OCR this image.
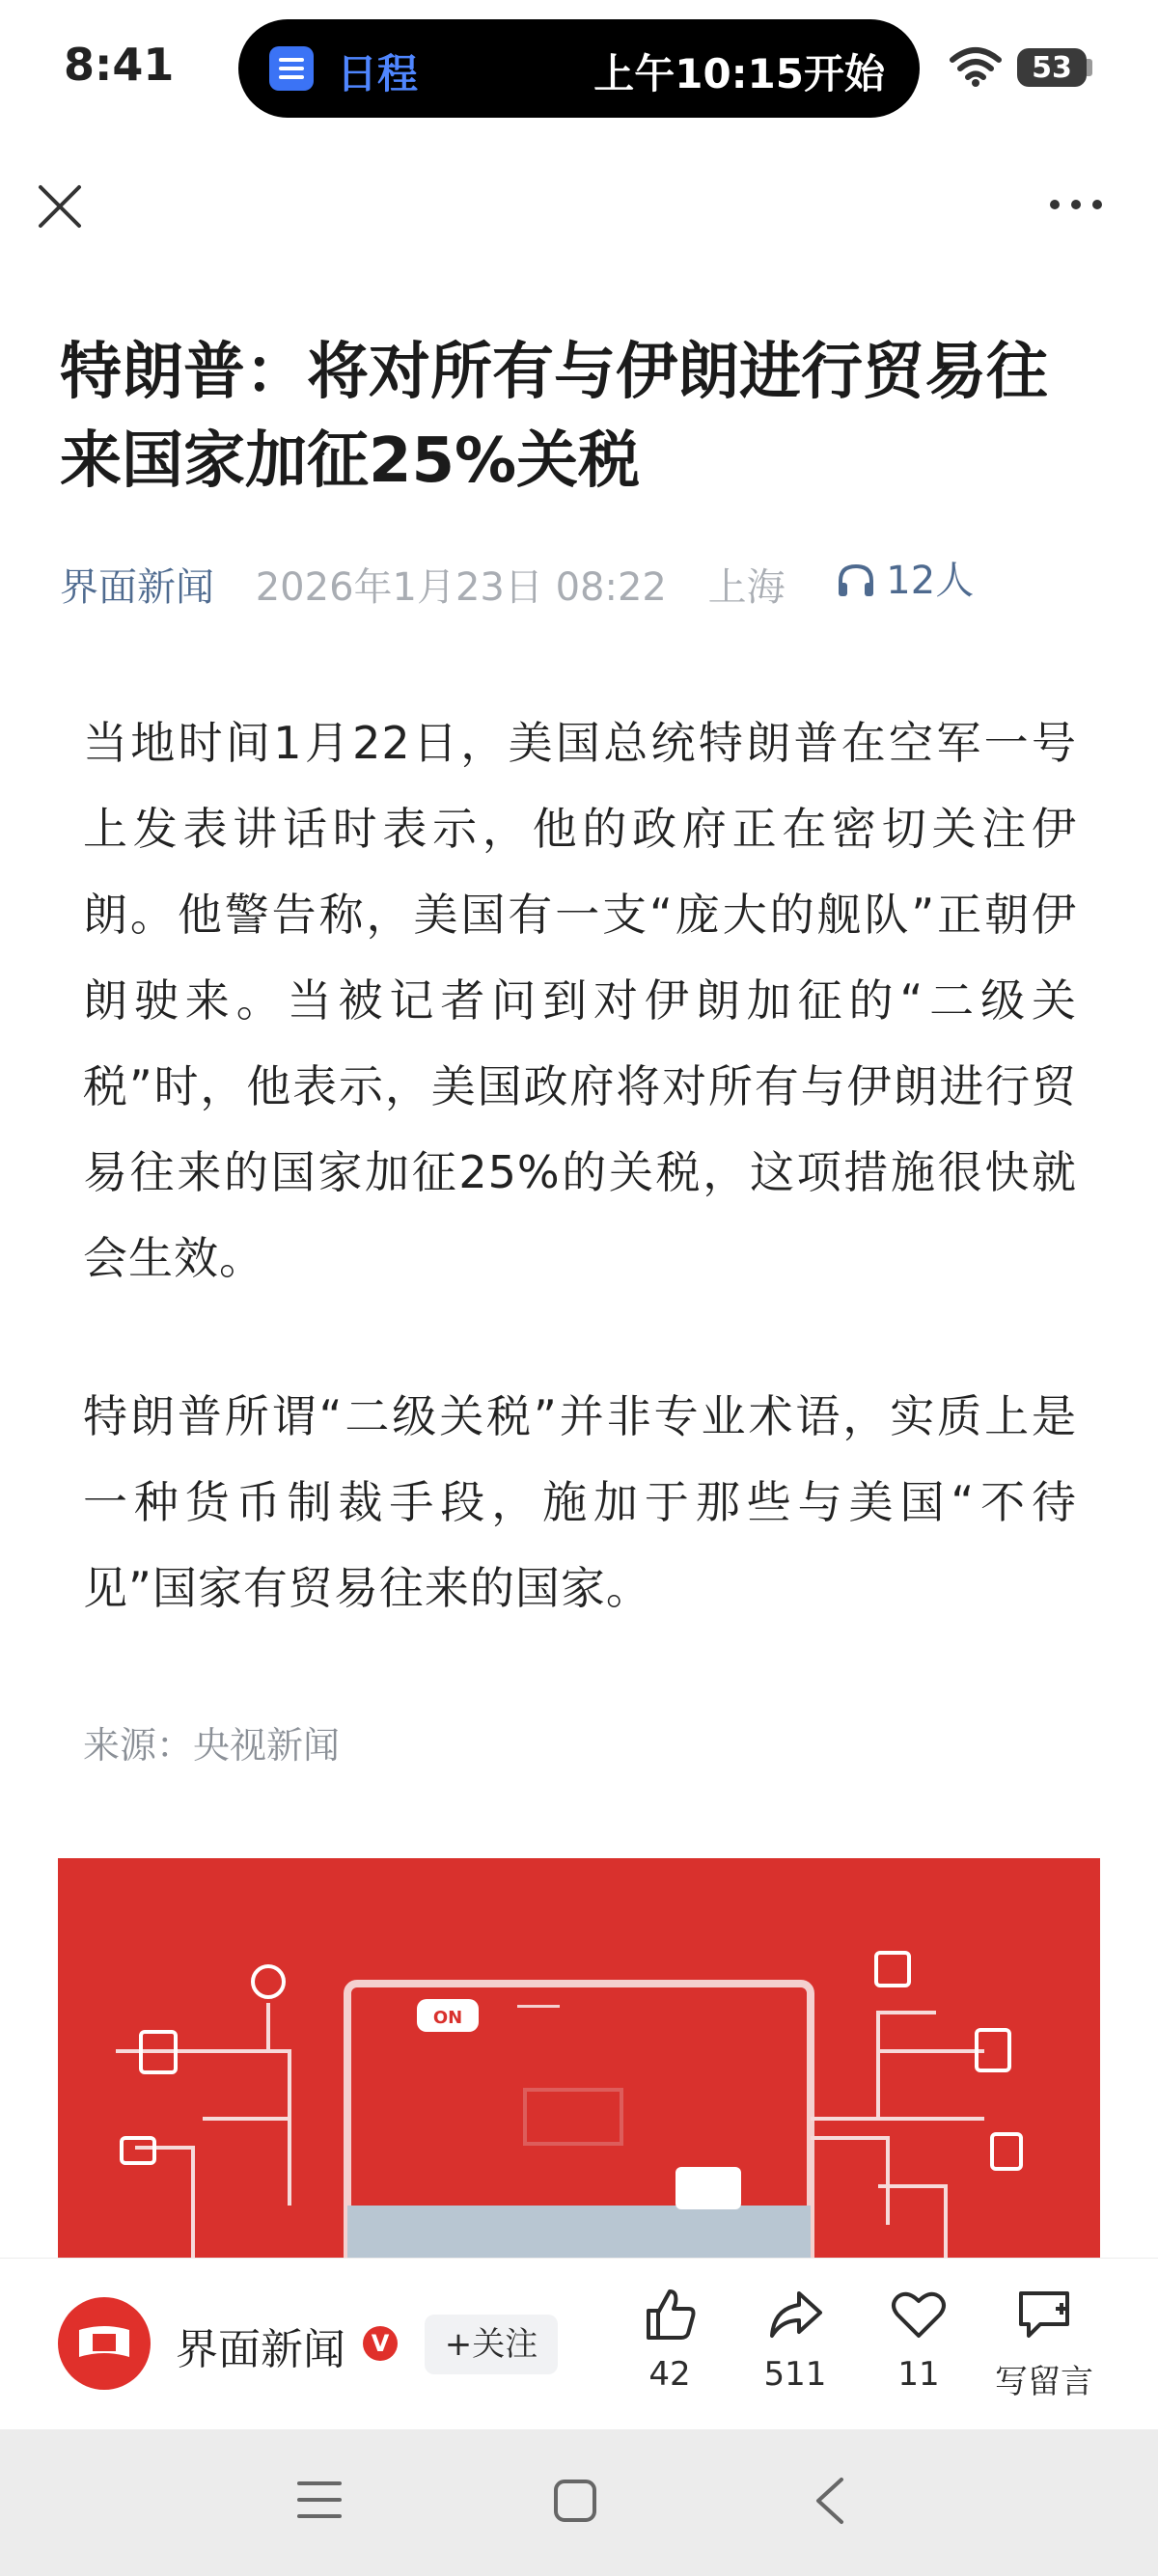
8:41	日程	上午10:15开始	53
特朗普：将对所有与伊朗进行贸易往来国家加征25%关税
界面新闻 2026年1月23日 08:22 上海	12人

当地时间1月22日，美国总统特朗普在空军一号上发表讲话时表示，他的政府正在密切关注伊朗。他警告称，美国有一支“庞大的舰队”正朝伊朗驶来。当被记者问到对伊朗加征的“二级关税”时，他表示，美国政府将对所有与伊朗进行贸易往来的国家加征25%的关税，这项措施很快就会生效。

特朗普所谓“二级关税”并非专业术语，实质上是一种货币制裁手段，施加于那些与美国“不待见”国家有贸易往来的国家。

来源：央视新闻
ON
界面新闻	V	+关注
42	511	11	写留言
